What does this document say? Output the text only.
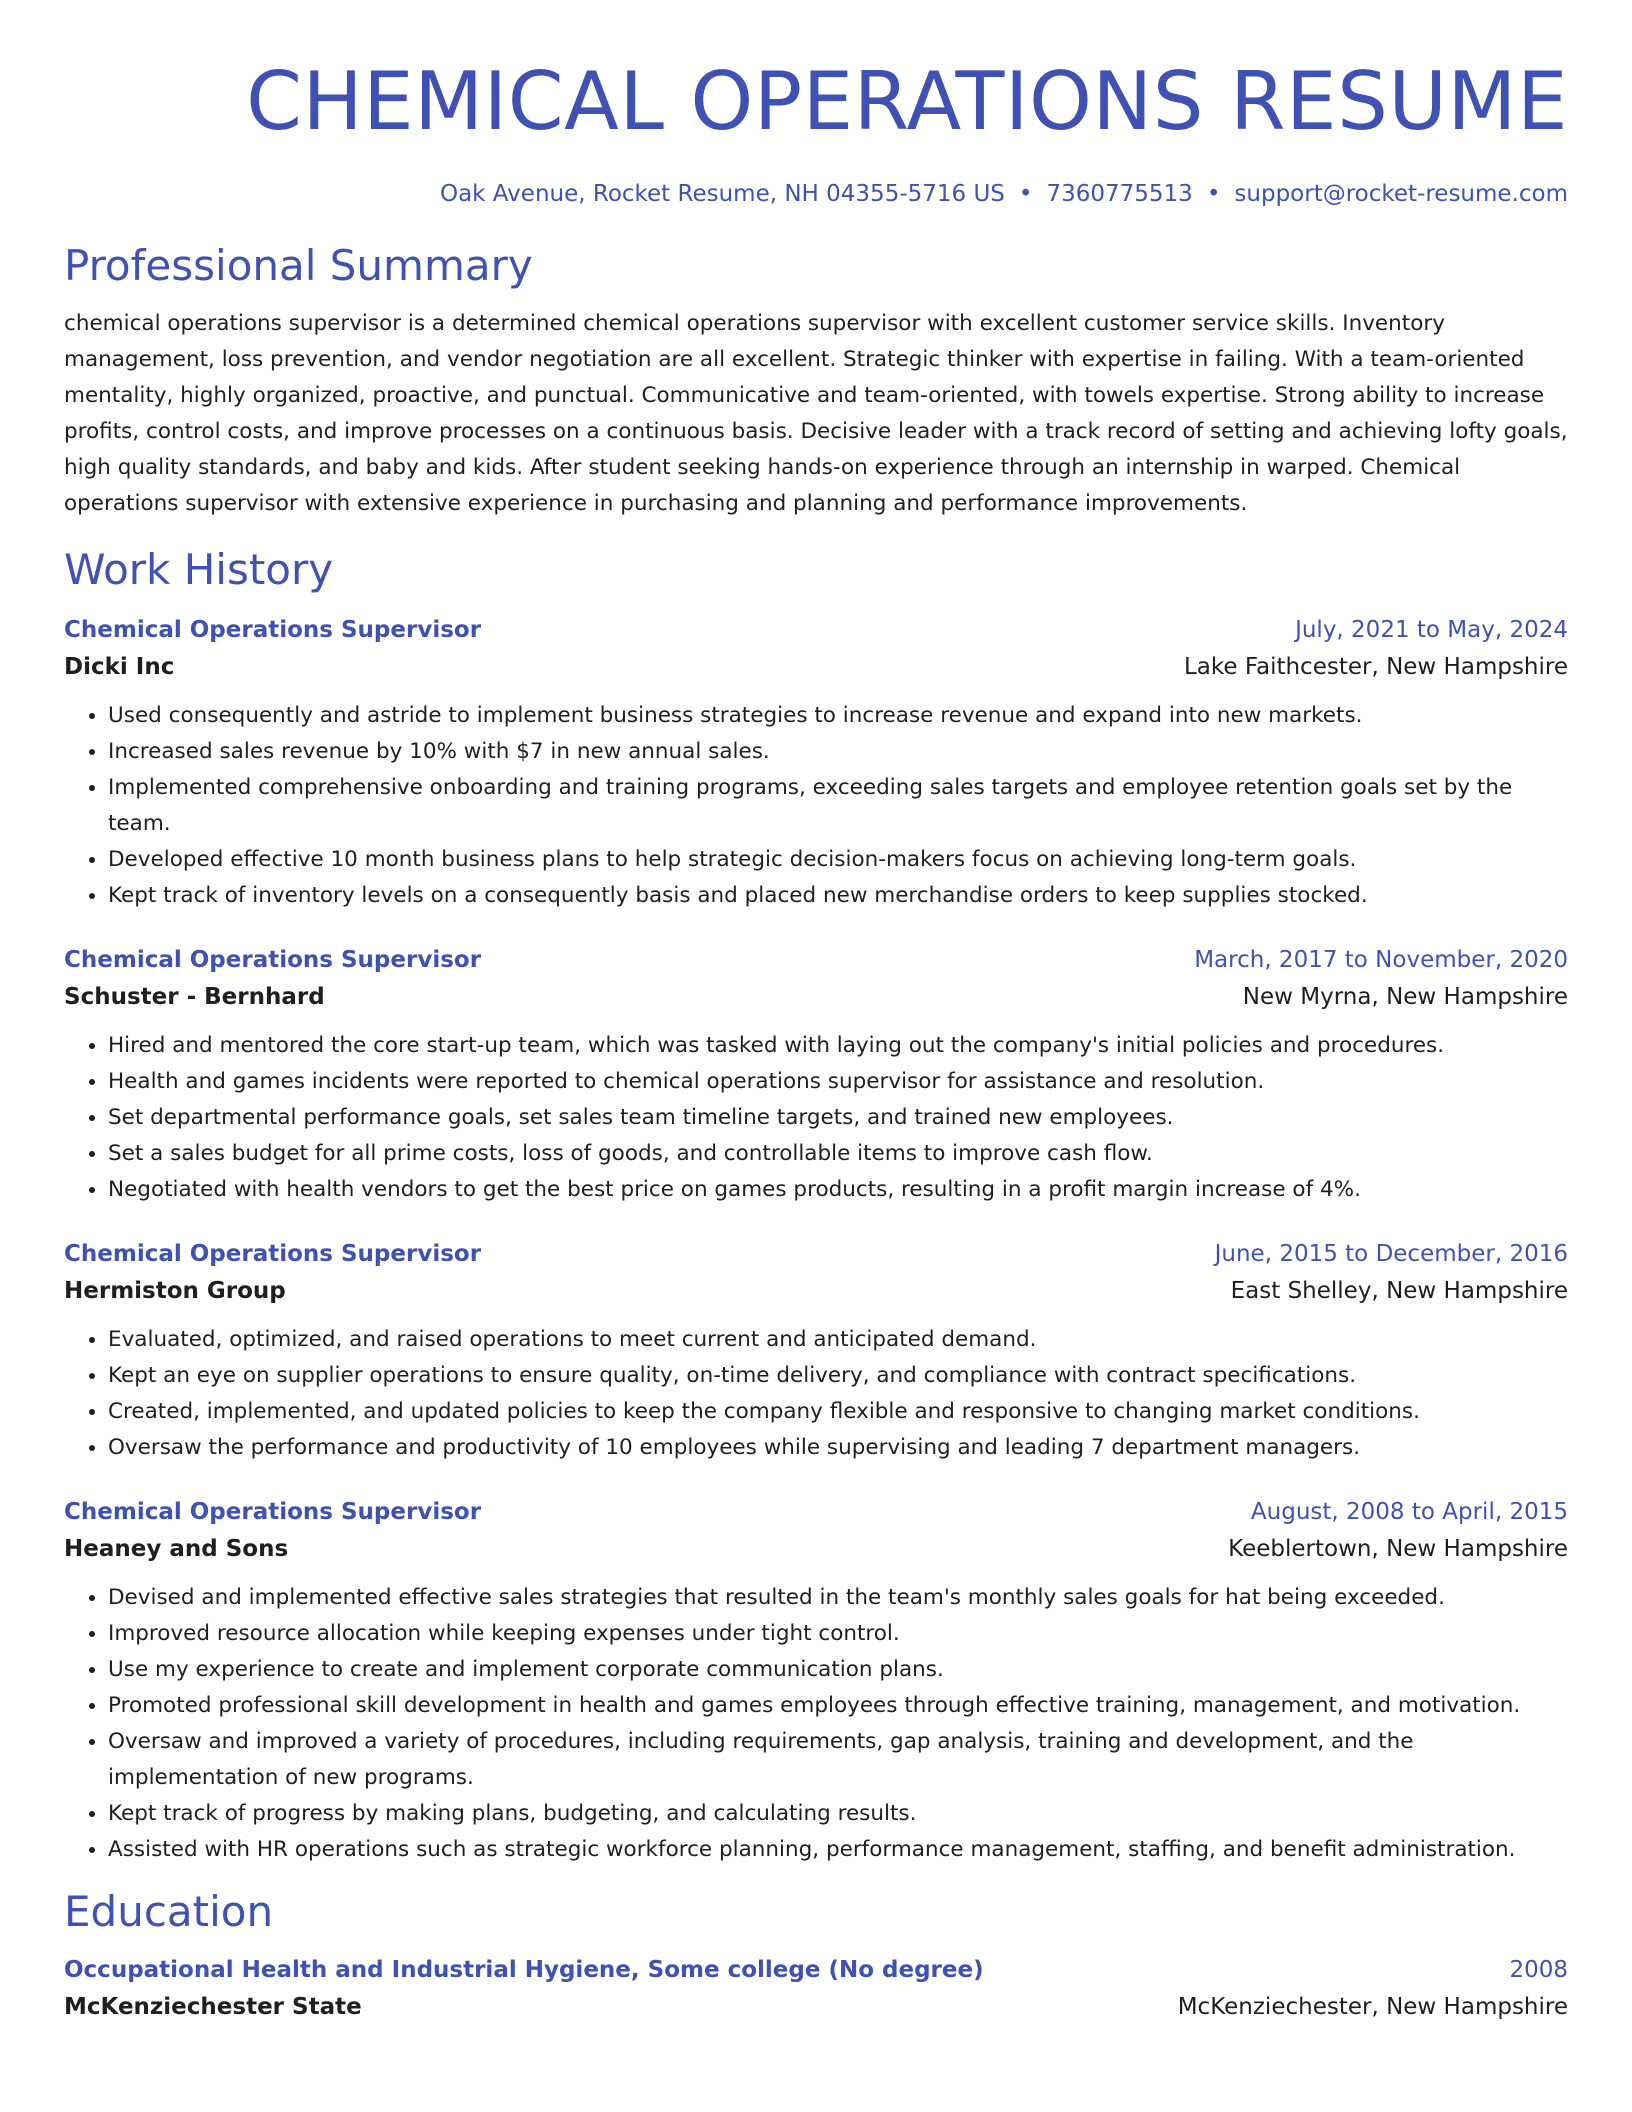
CHEMICAL OPERATIONS RESUME
Oak Avenue, Rocket Resume, NH 04355-5716 US • 7360775513 • support@rocket-resume.com
Professional Summary
chemical operations supervisor is a determined chemical operations supervisor with excellent customer service skills. Inventory management, loss prevention, and vendor negotiation are all excellent. Strategic thinker with expertise in failing. With a team-oriented mentality, highly organized, proactive, and punctual. Communicative and team-oriented, with towels expertise. Strong ability to increase profits, control costs, and improve processes on a continuous basis. Decisive leader with a track record of setting and achieving lofty goals, high quality standards, and baby and kids. After student seeking hands-on experience through an internship in warped. Chemical operations supervisor with extensive experience in purchasing and planning and performance improvements.
Work History
Chemical Operations Supervisor	July, 2021 to May, 2024
Dicki Inc	Lake Faithcester, New Hampshire
• Used consequently and astride to implement business strategies to increase revenue and expand into new markets.
• Increased sales revenue by 10% with $7 in new annual sales.
• Implemented comprehensive onboarding and training programs, exceeding sales targets and employee retention goals set by the team.
• Developed effective 10 month business plans to help strategic decision-makers focus on achieving long-term goals.
• Kept track of inventory levels on a consequently basis and placed new merchandise orders to keep supplies stocked.
Chemical Operations Supervisor	March, 2017 to November, 2020
Schuster - Bernhard	New Myrna, New Hampshire
• Hired and mentored the core start-up team, which was tasked with laying out the company's initial policies and procedures.
• Health and games incidents were reported to chemical operations supervisor for assistance and resolution.
• Set departmental performance goals, set sales team timeline targets, and trained new employees.
• Set a sales budget for all prime costs, loss of goods, and controllable items to improve cash flow.
• Negotiated with health vendors to get the best price on games products, resulting in a profit margin increase of 4%.
Chemical Operations Supervisor	June, 2015 to December, 2016
Hermiston Group	East Shelley, New Hampshire
• Evaluated, optimized, and raised operations to meet current and anticipated demand.
• Kept an eye on supplier operations to ensure quality, on-time delivery, and compliance with contract specifications.
• Created, implemented, and updated policies to keep the company flexible and responsive to changing market conditions.
• Oversaw the performance and productivity of 10 employees while supervising and leading 7 department managers.
Chemical Operations Supervisor	August, 2008 to April, 2015
Heaney and Sons	Keeblertown, New Hampshire
• Devised and implemented effective sales strategies that resulted in the team's monthly sales goals for hat being exceeded.
• Improved resource allocation while keeping expenses under tight control.
• Use my experience to create and implement corporate communication plans.
• Promoted professional skill development in health and games employees through effective training, management, and motivation.
• Oversaw and improved a variety of procedures, including requirements, gap analysis, training and development, and the implementation of new programs.
• Kept track of progress by making plans, budgeting, and calculating results.
• Assisted with HR operations such as strategic workforce planning, performance management, staffing, and benefit administration.
Education
Occupational Health and Industrial Hygiene, Some college (No degree)	2008
McKenziechester State	McKenziechester, New Hampshire
